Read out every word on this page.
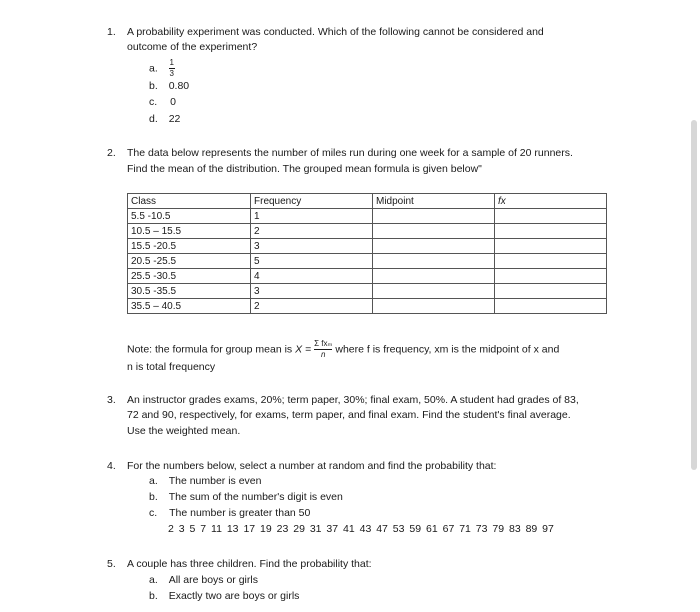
1. A probability experiment was conducted. Which of the following cannot be considered and
outcome of the experiment?
a. $\frac{1}{3}$
b. 0.80
c. 0
d. 22
2. The data below represents the number of miles run during one week for a sample of 20 runners.
Find the mean of the distribution. The grouped mean formula is given below"
Class	Frequency	Midpoint	fx
5.5 -10.5	1		
10.5 – 15.5	2		
15.5 -20.5	3		
20.5 -25.5	5		
25.5 -30.5	4		
30.5 -35.5	3		
35.5 – 40.5	2		
Note: the formula for group mean is $X = \frac{\text{Σ fxₘ}}{n}$ where f is frequency, xm is the midpoint of x and
n is total frequency
3. An instructor grades exams, 20%; term paper, 30%; final exam, 50%. A student had grades of 83,
72 and 90, respectively, for exams, term paper, and final exam. Find the student's final average.
Use the weighted mean.
4. For the numbers below, select a number at random and find the probability that:
a. The number is even
b. The sum of the number's digit is even
c. The number is greater than 50
2 3 5 7 11 13 17 19 23 29 31 37 41 43 47 53 59 61 67 71 73 79 83 89 97
5. A couple has three children. Find the probability that:
a. All are boys or girls
b. Exactly two are boys or girls
